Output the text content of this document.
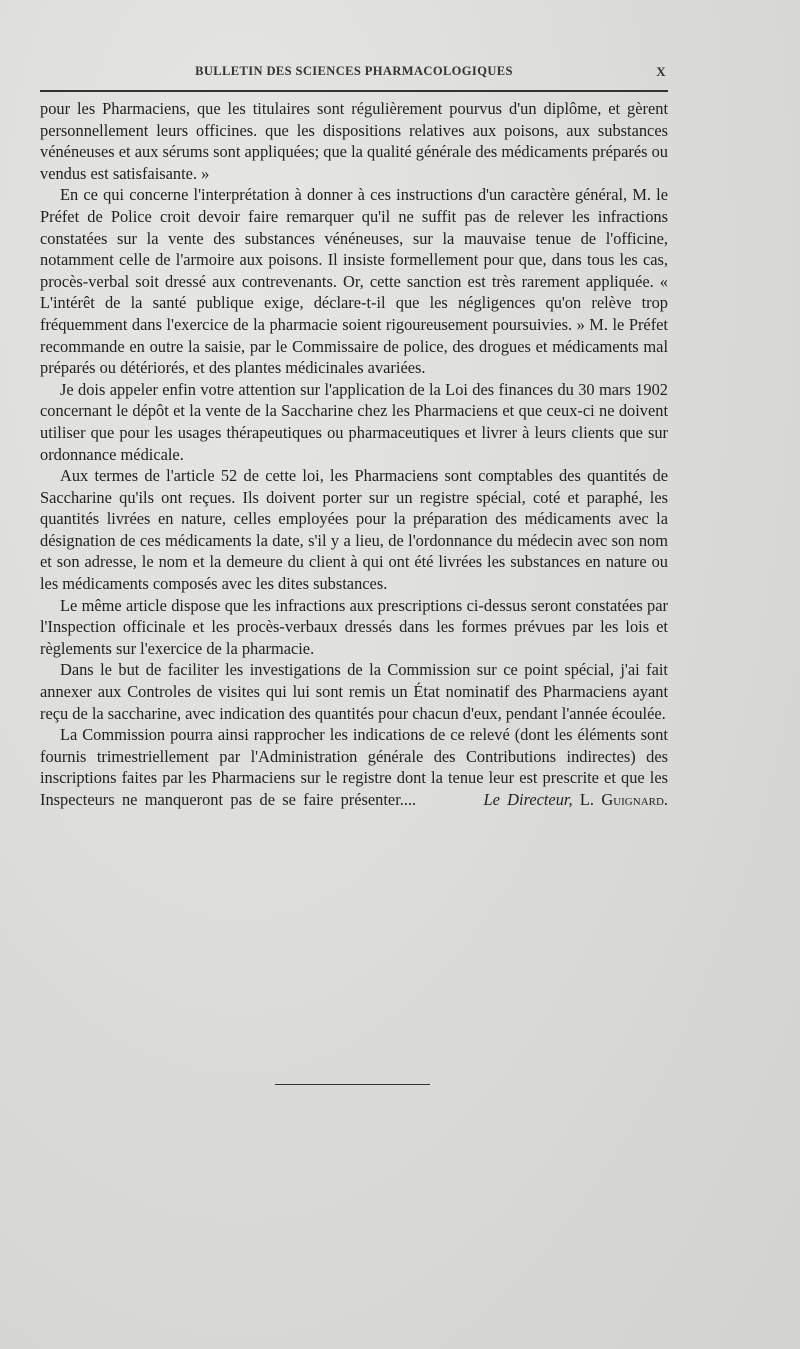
BULLETIN DES SCIENCES PHARMACOLOGIQUES	X

pour les Pharmaciens, que les titulaires sont régulièrement pourvus d'un diplôme, et gèrent personnellement leurs officines. que les dispositions relatives aux poisons, aux substances vénéneuses et aux sérums sont appliquées; que la qualité générale des médicaments préparés ou vendus est satisfaisante. »

En ce qui concerne l'interprétation à donner à ces instructions d'un caractère général, M. le Préfet de Police croit devoir faire remarquer qu'il ne suffit pas de relever les infractions constatées sur la vente des substances vénéneuses, sur la mauvaise tenue de l'officine, notamment celle de l'armoire aux poisons. Il insiste formellement pour que, dans tous les cas, procès-verbal soit dressé aux contrevenants. Or, cette sanction est très rarement appliquée. « L'intérêt de la santé publique exige, déclare-t-il que les négligences qu'on relève trop fréquemment dans l'exercice de la pharmacie soient rigoureusement poursuivies. » M. le Préfet recommande en outre la saisie, par le Commissaire de police, des drogues et médicaments mal préparés ou détériorés, et des plantes médicinales avariées.

Je dois appeler enfin votre attention sur l'application de la Loi des finances du 30 mars 1902 concernant le dépôt et la vente de la Saccharine chez les Pharmaciens et que ceux-ci ne doivent utiliser que pour les usages thérapeutiques ou pharmaceutiques et livrer à leurs clients que sur ordonnance médicale.

Aux termes de l'article 52 de cette loi, les Pharmaciens sont comptables des quantités de Saccharine qu'ils ont reçues. Ils doivent porter sur un registre spécial, coté et paraphé, les quantités livrées en nature, celles employées pour la préparation des médicaments avec la désignation de ces médicaments la date, s'il y a lieu, de l'ordonnance du médecin avec son nom et son adresse, le nom et la demeure du client à qui ont été livrées les substances en nature ou les médicaments composés avec les dites substances.

Le même article dispose que les infractions aux prescriptions ci-dessus seront constatées par l'Inspection officinale et les procès-verbaux dressés dans les formes prévues par les lois et règlements sur l'exercice de la pharmacie.

Dans le but de faciliter les investigations de la Commission sur ce point spécial, j'ai fait annexer aux Controles de visites qui lui sont remis un État nominatif des Pharmaciens ayant reçu de la saccharine, avec indication des quantités pour chacun d'eux, pendant l'année écoulée.

La Commission pourra ainsi rapprocher les indications de ce relevé (dont les éléments sont fournis trimestriellement par l'Administration générale des Contributions indirectes) des inscriptions faites par les Pharmaciens sur le registre dont la tenue leur est prescrite et que les Inspecteurs ne manqueront pas de se faire présenter....	Le Directeur, L. Guignard.
